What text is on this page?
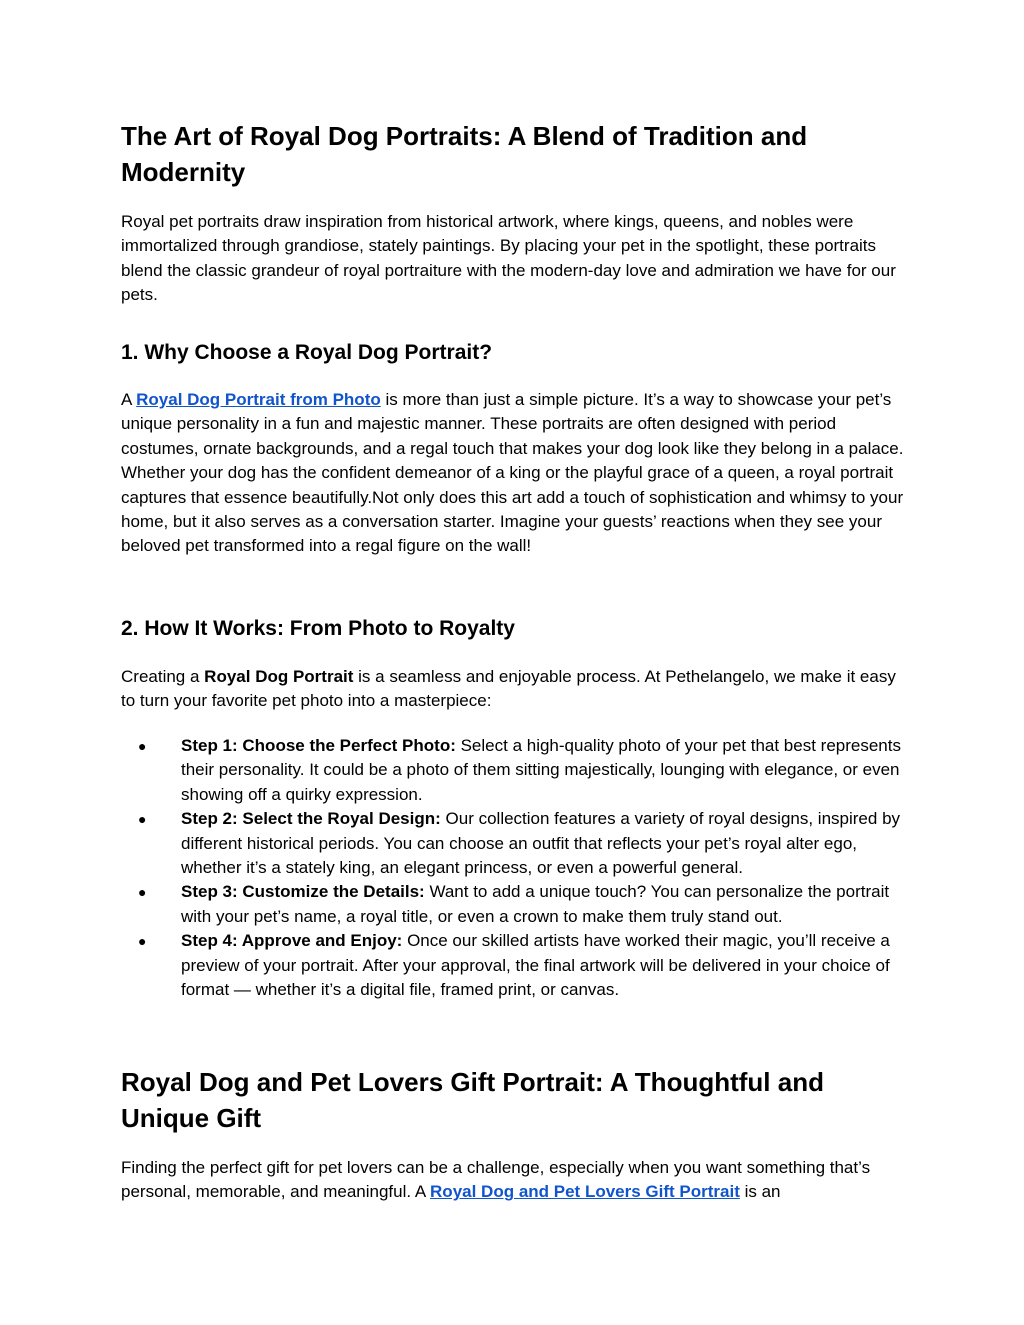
The Art of Royal Dog Portraits: A Blend of Tradition and Modernity

Royal pet portraits draw inspiration from historical artwork, where kings, queens, and nobles were immortalized through grandiose, stately paintings. By placing your pet in the spotlight, these portraits blend the classic grandeur of royal portraiture with the modern-day love and admiration we have for our pets.

1. Why Choose a Royal Dog Portrait?

A Royal Dog Portrait from Photo is more than just a simple picture. It’s a way to showcase your pet’s unique personality in a fun and majestic manner. These portraits are often designed with period costumes, ornate backgrounds, and a regal touch that makes your dog look like they belong in a palace. Whether your dog has the confident demeanor of a king or the playful grace of a queen, a royal portrait captures that essence beautifully.Not only does this art add a touch of sophistication and whimsy to your home, but it also serves as a conversation starter. Imagine your guests’ reactions when they see your beloved pet transformed into a regal figure on the wall!

2. How It Works: From Photo to Royalty

Creating a Royal Dog Portrait is a seamless and enjoyable process. At Pethelangelo, we make it easy to turn your favorite pet photo into a masterpiece:

● Step 1: Choose the Perfect Photo: Select a high-quality photo of your pet that best represents their personality. It could be a photo of them sitting majestically, lounging with elegance, or even showing off a quirky expression.
● Step 2: Select the Royal Design: Our collection features a variety of royal designs, inspired by different historical periods. You can choose an outfit that reflects your pet’s royal alter ego, whether it’s a stately king, an elegant princess, or even a powerful general.
● Step 3: Customize the Details: Want to add a unique touch? You can personalize the portrait with your pet’s name, a royal title, or even a crown to make them truly stand out.
● Step 4: Approve and Enjoy: Once our skilled artists have worked their magic, you’ll receive a preview of your portrait. After your approval, the final artwork will be delivered in your choice of format — whether it’s a digital file, framed print, or canvas.
Royal Dog and Pet Lovers Gift Portrait: A Thoughtful and Unique Gift

Finding the perfect gift for pet lovers can be a challenge, especially when you want something that’s personal, memorable, and meaningful. A Royal Dog and Pet Lovers Gift Portrait is an
